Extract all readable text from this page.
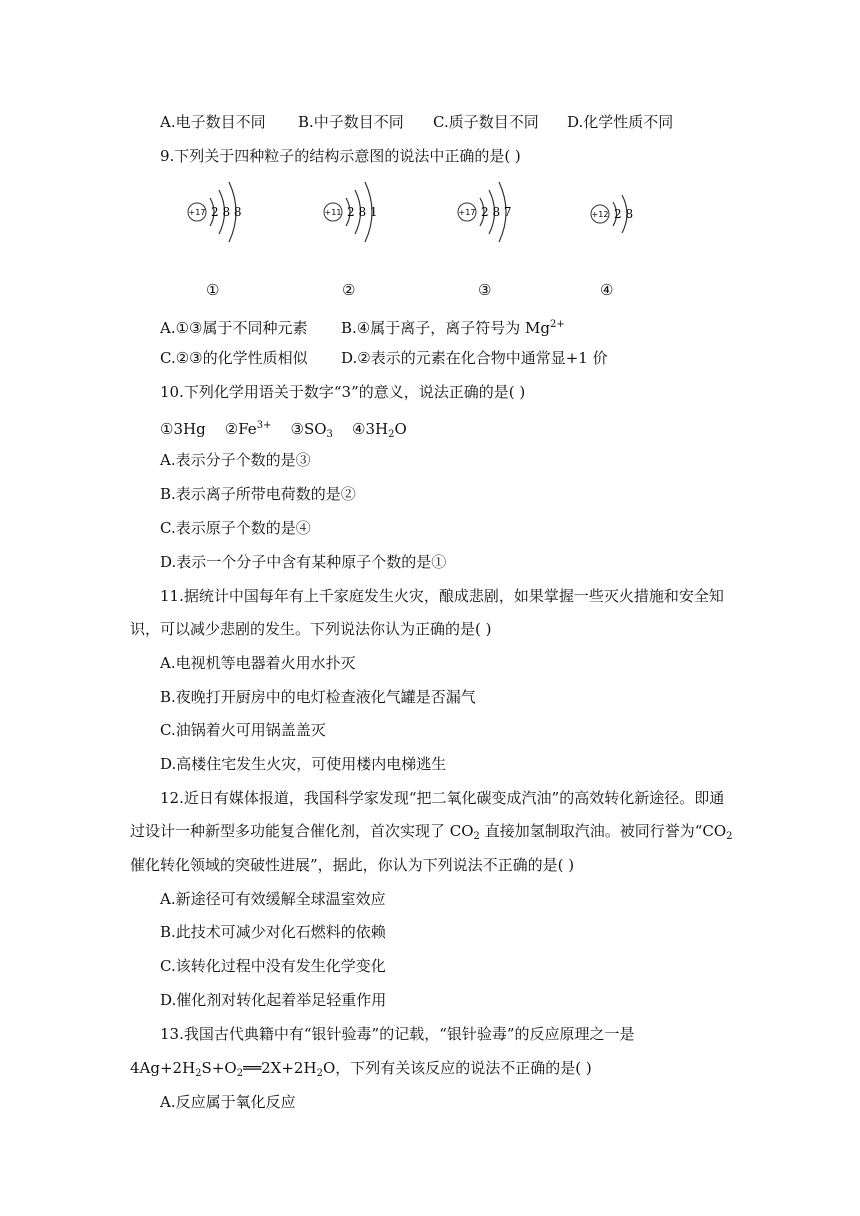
A.电子数目不同 B.中子数目不同 C.质子数目不同 D.化学性质不同
9.下列关于四种粒子的结构示意图的说法中正确的是( )
+17 2 8 8	+11 2 8 1	+17 2 8 7	+12 2 8
①	②	③	④
A.①③属于不同种元素 B.④属于离子，离子符号为 $Mg^{2+}$
C.②③的化学性质相似 D.②表示的元素在化合物中通常显+1 价
10.下列化学用语关于数字“3”的意义，说法正确的是( )
①3Hg $②Fe^{3+}$ $③SO_3$ $④3H_2O$
A.表示分子个数的是③
B.表示离子所带电荷数的是②
C.表示原子个数的是④
D.表示一个分子中含有某种原子个数的是①
11.据统计中国每年有上千家庭发生火灾，酿成悲剧，如果掌握一些灭火措施和安全知
识，可以减少悲剧的发生。下列说法你认为正确的是( )
A.电视机等电器着火用水扑灭
B.夜晚打开厨房中的电灯检查液化气罐是否漏气
C.油锅着火可用锅盖盖灭
D.高楼住宅发生火灾，可使用楼内电梯逃生
12.近日有媒体报道，我国科学家发现“把二氧化碳变成汽油”的高效转化新途径。即通
过设计一种新型多功能复合催化剂，首次实现了 $CO_2$ 直接加氢制取汽油。被同行誉为“$CO_2$
催化转化领域的突破性进展”，据此，你认为下列说法不正确的是( )
A.新途径可有效缓解全球温室效应
B.此技术可减少对化石燃料的依赖
C.该转化过程中没有发生化学变化
D.催化剂对转化起着举足轻重作用
13.我国古代典籍中有“银针验毒”的记载，“银针验毒”的反应原理之一是
$4Ag+2H_2S+O_2══2X+2H_2O$，下列有关该反应的说法不正确的是( )
A.反应属于氧化反应
